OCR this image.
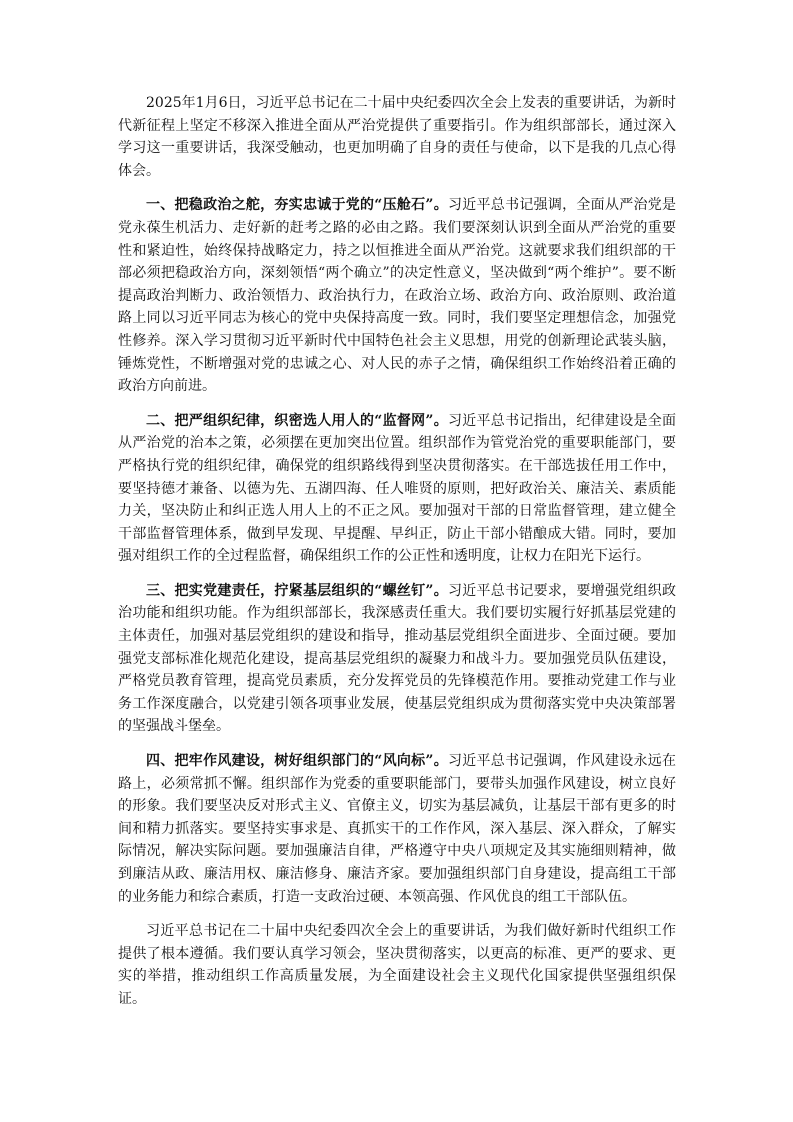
2025年1月6日，习近平总书记在二十届中央纪委四次全会上发表的重要讲话，为新时代新征程上坚定不移深入推进全面从严治党提供了重要指引。作为组织部部长，通过深入学习这一重要讲话，我深受触动，也更加明确了自身的责任与使命，以下是我的几点心得体会。

一、把稳政治之舵，夯实忠诚于党的“压舱石”。习近平总书记强调，全面从严治党是党永葆生机活力、走好新的赶考之路的必由之路。我们要深刻认识到全面从严治党的重要性和紧迫性，始终保持战略定力，持之以恒推进全面从严治党。这就要求我们组织部的干部必须把稳政治方向，深刻领悟“两个确立”的决定性意义，坚决做到“两个维护”。要不断提高政治判断力、政治领悟力、政治执行力，在政治立场、政治方向、政治原则、政治道路上同以习近平同志为核心的党中央保持高度一致。同时，我们要坚定理想信念，加强党性修养。深入学习贯彻习近平新时代中国特色社会主义思想，用党的创新理论武装头脑，锤炼党性，不断增强对党的忠诚之心、对人民的赤子之情，确保组织工作始终沿着正确的政治方向前进。

二、把严组织纪律，织密选人用人的“监督网”。习近平总书记指出，纪律建设是全面从严治党的治本之策，必须摆在更加突出位置。组织部作为管党治党的重要职能部门，要严格执行党的组织纪律，确保党的组织路线得到坚决贯彻落实。在干部选拔任用工作中，要坚持德才兼备、以德为先、五湖四海、任人唯贤的原则，把好政治关、廉洁关、素质能力关，坚决防止和纠正选人用人上的不正之风。要加强对干部的日常监督管理，建立健全干部监督管理体系，做到早发现、早提醒、早纠正，防止干部小错酿成大错。同时，要加强对组织工作的全过程监督，确保组织工作的公正性和透明度，让权力在阳光下运行。

三、把实党建责任，拧紧基层组织的“螺丝钉”。习近平总书记要求，要增强党组织政治功能和组织功能。作为组织部部长，我深感责任重大。我们要切实履行好抓基层党建的主体责任，加强对基层党组织的建设和指导，推动基层党组织全面进步、全面过硬。要加强党支部标准化规范化建设，提高基层党组织的凝聚力和战斗力。要加强党员队伍建设，严格党员教育管理，提高党员素质，充分发挥党员的先锋模范作用。要推动党建工作与业务工作深度融合，以党建引领各项事业发展，使基层党组织成为贯彻落实党中央决策部署的坚强战斗堡垒。

四、把牢作风建设，树好组织部门的“风向标”。习近平总书记强调，作风建设永远在路上，必须常抓不懈。组织部作为党委的重要职能部门，要带头加强作风建设，树立良好的形象。我们要坚决反对形式主义、官僚主义，切实为基层减负，让基层干部有更多的时间和精力抓落实。要坚持实事求是、真抓实干的工作作风，深入基层、深入群众，了解实际情况，解决实际问题。要加强廉洁自律，严格遵守中央八项规定及其实施细则精神，做到廉洁从政、廉洁用权、廉洁修身、廉洁齐家。要加强组织部门自身建设，提高组工干部的业务能力和综合素质，打造一支政治过硬、本领高强、作风优良的组工干部队伍。

习近平总书记在二十届中央纪委四次全会上的重要讲话，为我们做好新时代组织工作提供了根本遵循。我们要认真学习领会，坚决贯彻落实，以更高的标准、更严的要求、更实的举措，推动组织工作高质量发展，为全面建设社会主义现代化国家提供坚强组织保证。
